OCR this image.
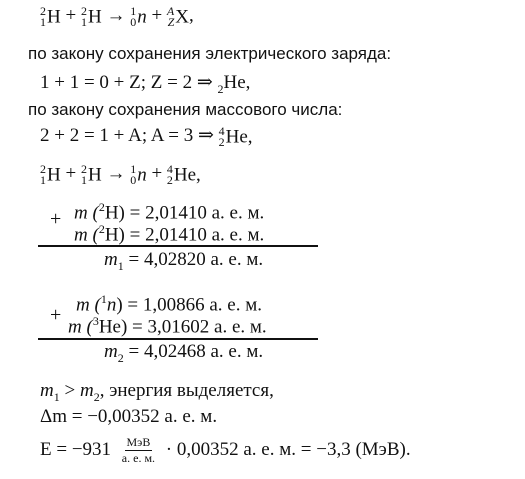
2
1 H + 2
1 H → 1
0 n + A
Z X,
по закону сохранения электрического заряда:
1 + 1 = 0 + Z; Z = 2 ⇒ $_2$He,
по закону сохранения массового числа:
2 + 2 = 1 + A; A = 3 ⇒ 4
2 He,
2
1 H + 2
1 H → 1
0 n + 4
2 He,
+ m ($^2$H) = 2,01410 а. е. м.
m ($^2$H) = 2,01410 а. е. м.
$m_1 = 4,02820$ а. е. м.
+ m ($^1$n) = 1,00866 а. е. м.
m ($^3$He) = 3,01602 а. е. м.
$m_2 = 4,02468$ а. е. м.
$m_1 > m_2$, энергия выделяется,
Δm = −0,00352 а. е. м.
$E = -931 \frac{\text{МэВ}}{а. е. м.} \cdot 0,00352$ а. е. м. = −3,3 (МэВ).
